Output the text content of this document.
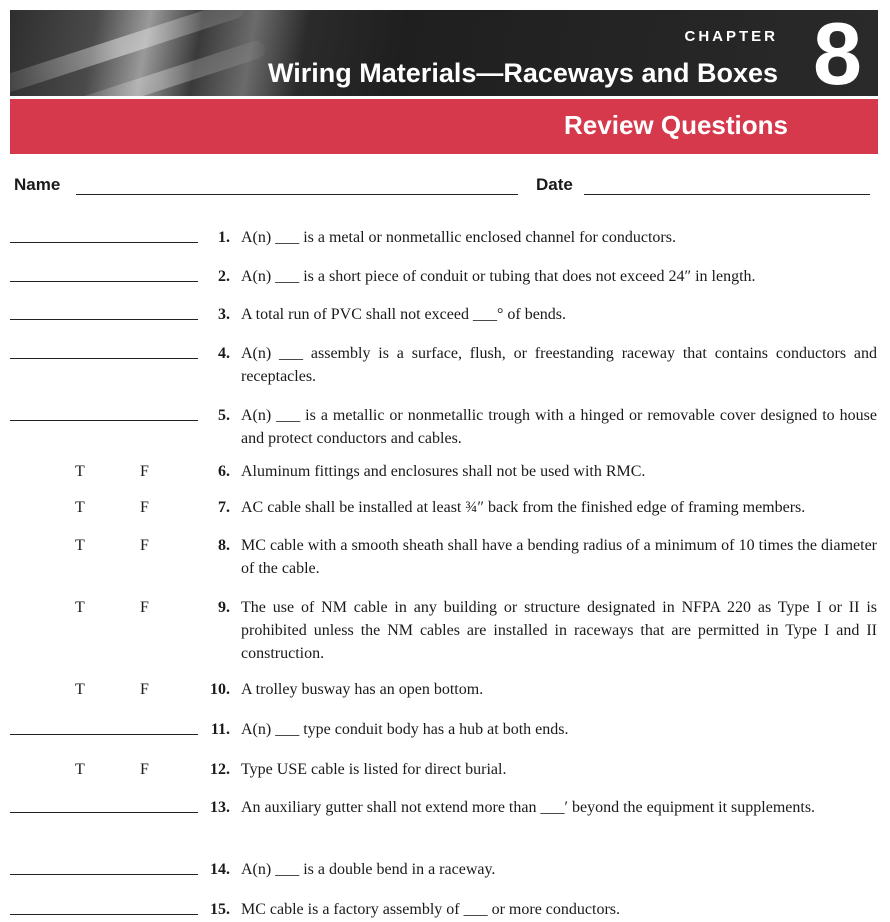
CHAPTER
Wiring Materials—Raceways and Boxes 8
Review Questions
Name	Date
1. A(n) ___ is a metal or nonmetallic enclosed channel for conductors.
2. A(n) ___ is a short piece of conduit or tubing that does not exceed 24″ in length.
3. A total run of PVC shall not exceed ___° of bends.
4. A(n) ___ assembly is a surface, flush, or freestanding raceway that contains conductors and receptacles.
5. A(n) ___ is a metallic or nonmetallic trough with a hinged or removable cover designed to house and protect conductors and cables.
T	F	6. Aluminum fittings and enclosures shall not be used with RMC.
T	F	7. AC cable shall be installed at least ¾″ back from the finished edge of framing members.
T	F	8. MC cable with a smooth sheath shall have a bending radius of a minimum of 10 times the diameter of the cable.
T	F	9. The use of NM cable in any building or structure designated in NFPA 220 as Type I or II is prohibited unless the NM cables are installed in raceways that are permitted in Type I and II construction.
T	F	10. A trolley busway has an open bottom.
11. A(n) ___ type conduit body has a hub at both ends.
T	F	12. Type USE cable is listed for direct burial.
13. An auxiliary gutter shall not extend more than ___′ beyond the equipment it supplements.
14. A(n) ___ is a double bend in a raceway.
15. MC cable is a factory assembly of ___ or more conductors.
